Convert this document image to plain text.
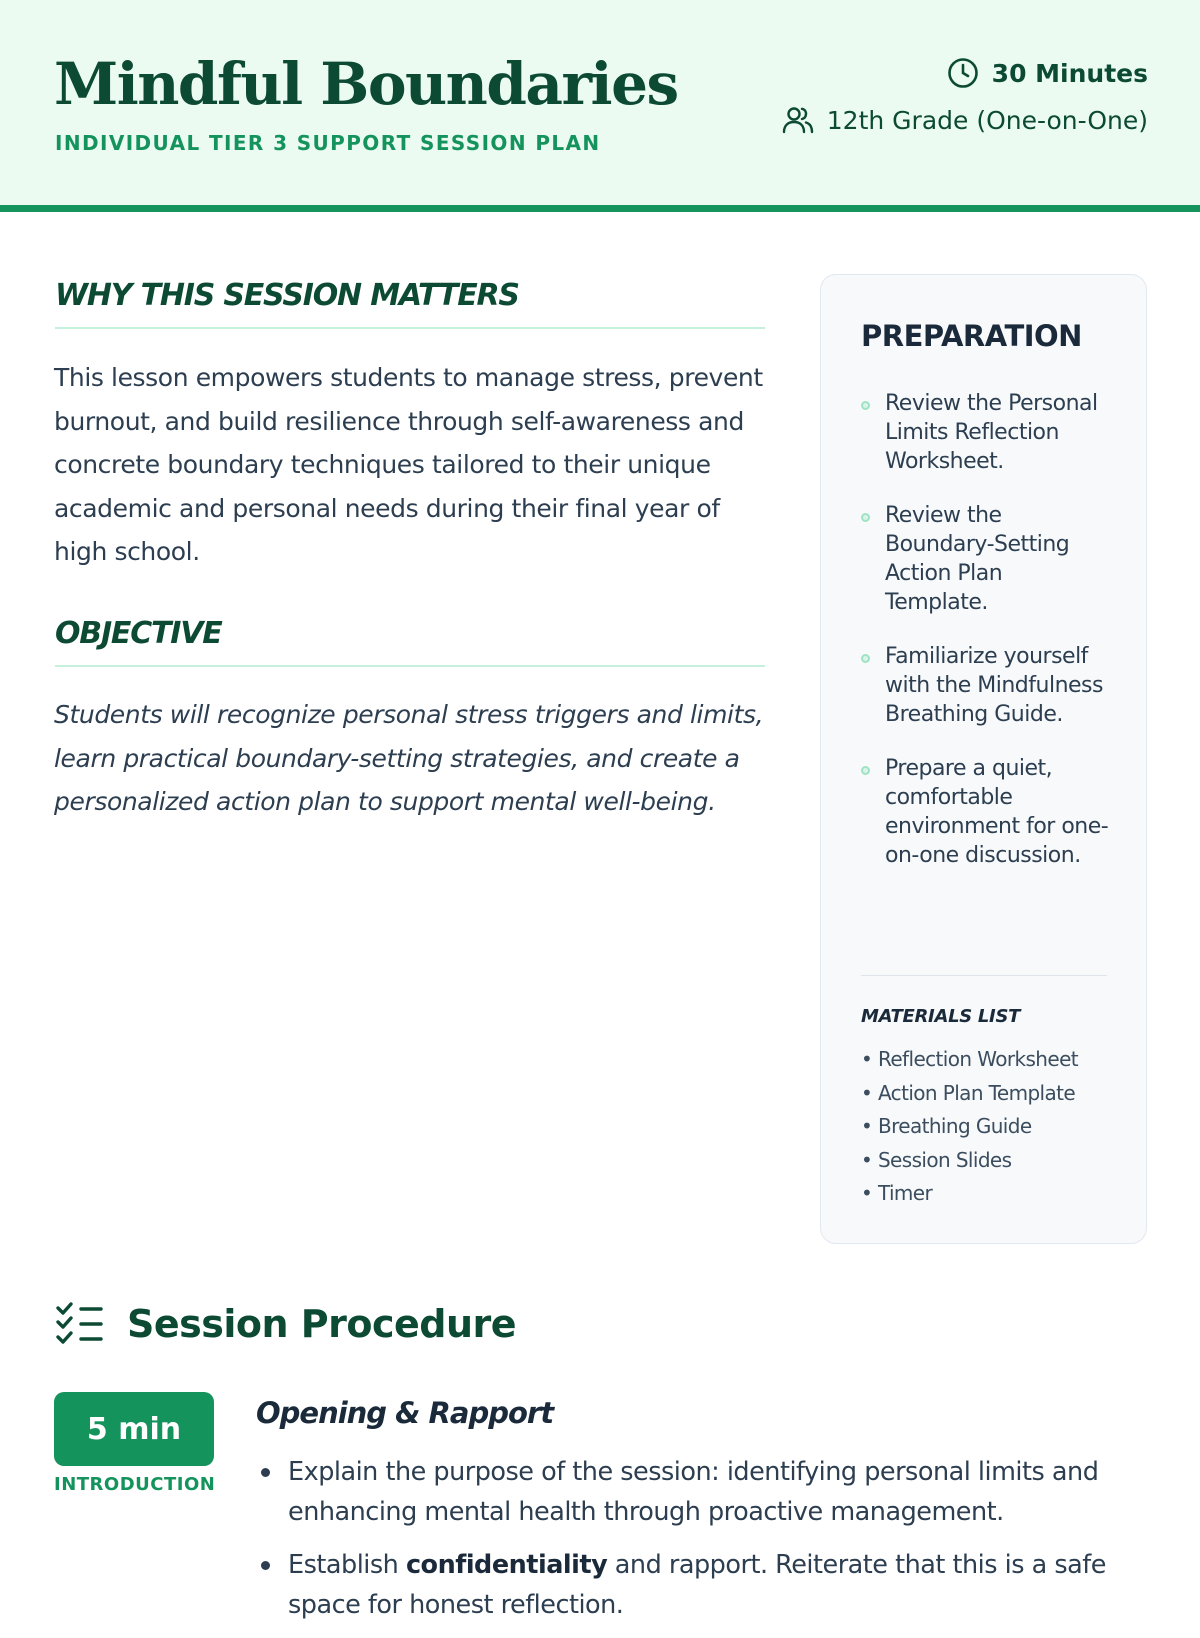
Mindful Boundaries
INDIVIDUAL TIER 3 SUPPORT SESSION PLAN
30 Minutes
12th Grade (One-on-One)
WHY THIS SESSION MATTERS

This lesson empowers students to manage stress, prevent burnout, and build resilience through self-awareness and concrete boundary techniques tailored to their unique academic and personal needs during their final year of high school.

OBJECTIVE

Students will recognize personal stress triggers and limits, learn practical boundary-setting strategies, and create a personalized action plan to support mental well-being.

PREPARATION
Review the Personal Limits Reflection Worksheet.
Review the Boundary-Setting Action Plan Template.
Familiarize yourself with the Mindfulness Breathing Guide.
Prepare a quiet, comfortable environment for one-on-one discussion.
MATERIALS LIST
• Reflection Worksheet
• Action Plan Template
• Breathing Guide
• Session Slides
• Timer
Session Procedure
5 min
INTRODUCTION
Opening & Rapport
Explain the purpose of the session: identifying personal limits and enhancing mental health through proactive management.
Establish confidentiality and rapport. Reiterate that this is a safe space for honest reflection.
